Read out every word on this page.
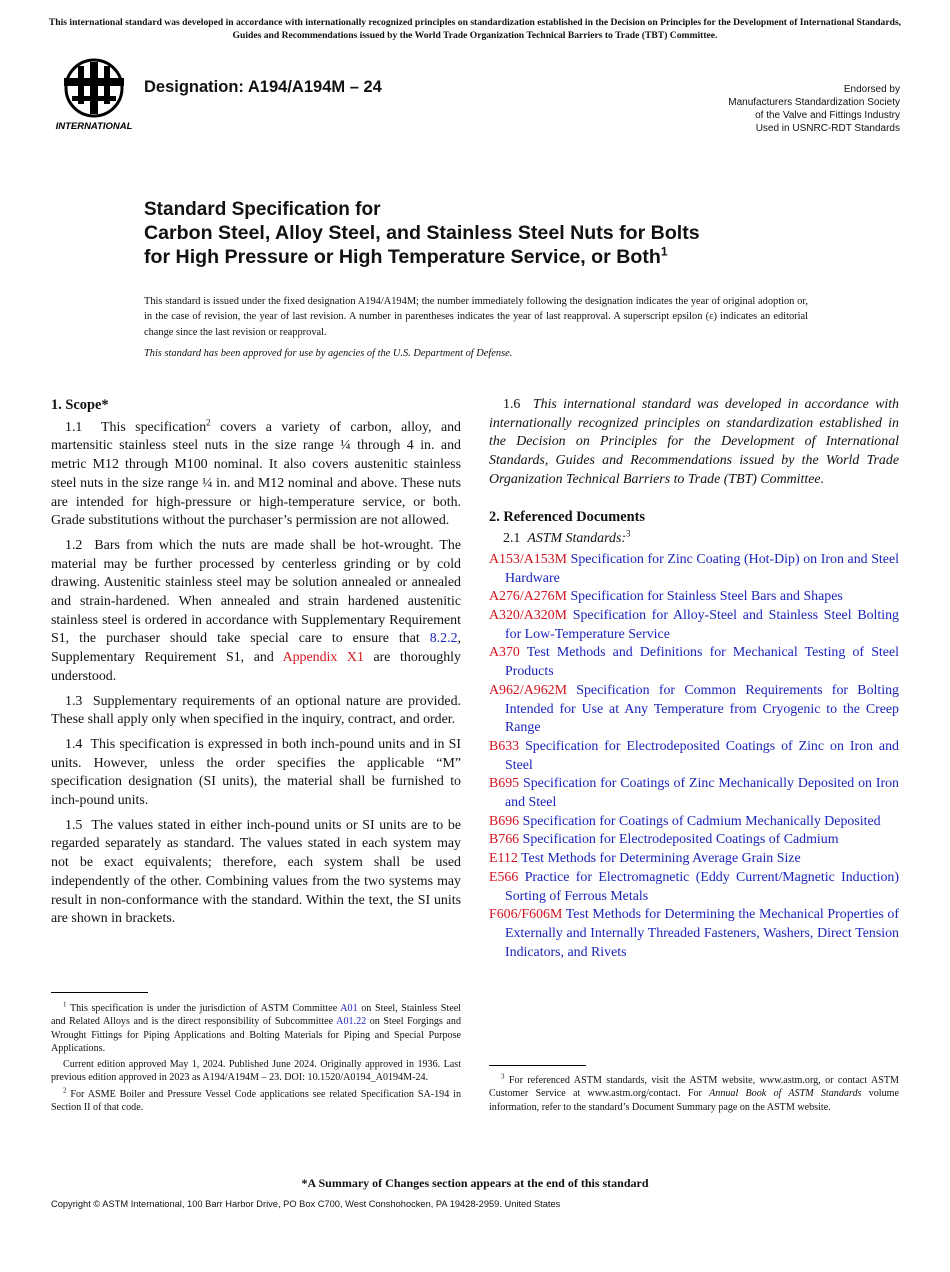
This international standard was developed in accordance with internationally recognized principles on standardization established in the Decision on Principles for the Development of International Standards, Guides and Recommendations issued by the World Trade Organization Technical Barriers to Trade (TBT) Committee.
INTERNATIONAL
Designation: A194/A194M – 24	Endorsed by
Manufacturers Standardization Society
of the Valve and Fittings Industry
Used in USNRC-RDT Standards
Standard Specification for
Carbon Steel, Alloy Steel, and Stainless Steel Nuts for Bolts
for High Pressure or High Temperature Service, or Both$^1$
This standard is issued under the fixed designation A194/A194M; the number immediately following the designation indicates the year of original adoption or, in the case of revision, the year of last revision. A number in parentheses indicates the year of last reapproval. A superscript epsilon (ε) indicates an editorial change since the last revision or reapproval.
This standard has been approved for use by agencies of the U.S. Department of Defense.
1. Scope*

1.1 This specification$^2$ covers a variety of carbon, alloy, and martensitic stainless steel nuts in the size range ¼ through 4 in. and metric M12 through M100 nominal. It also covers austenitic stainless steel nuts in the size range ¼ in. and M12 nominal and above. These nuts are intended for high-pressure or high-temperature service, or both. Grade substitutions without the purchaser’s permission are not allowed.

1.2 Bars from which the nuts are made shall be hot-wrought. The material may be further processed by centerless grinding or by cold drawing. Austenitic stainless steel may be solution annealed or annealed and strain-hardened. When annealed and strain hardened austenitic stainless steel is ordered in accordance with Supplementary Requirement S1, the purchaser should take special care to ensure that 8.2.2, Supplementary Requirement S1, and Appendix X1 are thoroughly understood.

1.3 Supplementary requirements of an optional nature are provided. These shall apply only when specified in the inquiry, contract, and order.

1.4 This specification is expressed in both inch-pound units and in SI units. However, unless the order specifies the applicable “M” specification designation (SI units), the material shall be furnished to inch-pound units.

1.5 The values stated in either inch-pound units or SI units are to be regarded separately as standard. The values stated in each system may not be exact equivalents; therefore, each system shall be used independently of the other. Combining values from the two systems may result in non-conformance with the standard. Within the text, the SI units are shown in brackets.

$^1$ This specification is under the jurisdiction of ASTM Committee A01 on Steel, Stainless Steel and Related Alloys and is the direct responsibility of Subcommittee A01.22 on Steel Forgings and Wrought Fittings for Piping Applications and Bolting Materials for Piping and Special Purpose Applications.

Current edition approved May 1, 2024. Published June 2024. Originally approved in 1936. Last previous edition approved in 2023 as A194/A194M – 23. DOI: 10.1520/A0194_A0194M-24.

$^2$ For ASME Boiler and Pressure Vessel Code applications see related Specification SA-194 in Section II of that code.

1.6 This international standard was developed in accordance with internationally recognized principles on standardization established in the Decision on Principles for the Development of International Standards, Guides and Recommendations issued by the World Trade Organization Technical Barriers to Trade (TBT) Committee.

2. Referenced Documents

2.1 ASTM Standards:$^3$

A153/A153M Specification for Zinc Coating (Hot-Dip) on Iron and Steel Hardware

A276/A276M Specification for Stainless Steel Bars and Shapes

A320/A320M Specification for Alloy-Steel and Stainless Steel Bolting for Low-Temperature Service

A370 Test Methods and Definitions for Mechanical Testing of Steel Products

A962/A962M Specification for Common Requirements for Bolting Intended for Use at Any Temperature from Cryogenic to the Creep Range

B633 Specification for Electrodeposited Coatings of Zinc on Iron and Steel

B695 Specification for Coatings of Zinc Mechanically Deposited on Iron and Steel

B696 Specification for Coatings of Cadmium Mechanically Deposited

B766 Specification for Electrodeposited Coatings of Cadmium

E112 Test Methods for Determining Average Grain Size

E566 Practice for Electromagnetic (Eddy Current/Magnetic Induction) Sorting of Ferrous Metals

F606/F606M Test Methods for Determining the Mechanical Properties of Externally and Internally Threaded Fasteners, Washers, Direct Tension Indicators, and Rivets

$^3$ For referenced ASTM standards, visit the ASTM website, www.astm.org, or contact ASTM Customer Service at www.astm.org/contact. For Annual Book of ASTM Standards volume information, refer to the standard’s Document Summary page on the ASTM website.

*A Summary of Changes section appears at the end of this standard
Copyright © ASTM International, 100 Barr Harbor Drive, PO Box C700, West Conshohocken, PA 19428-2959. United States
